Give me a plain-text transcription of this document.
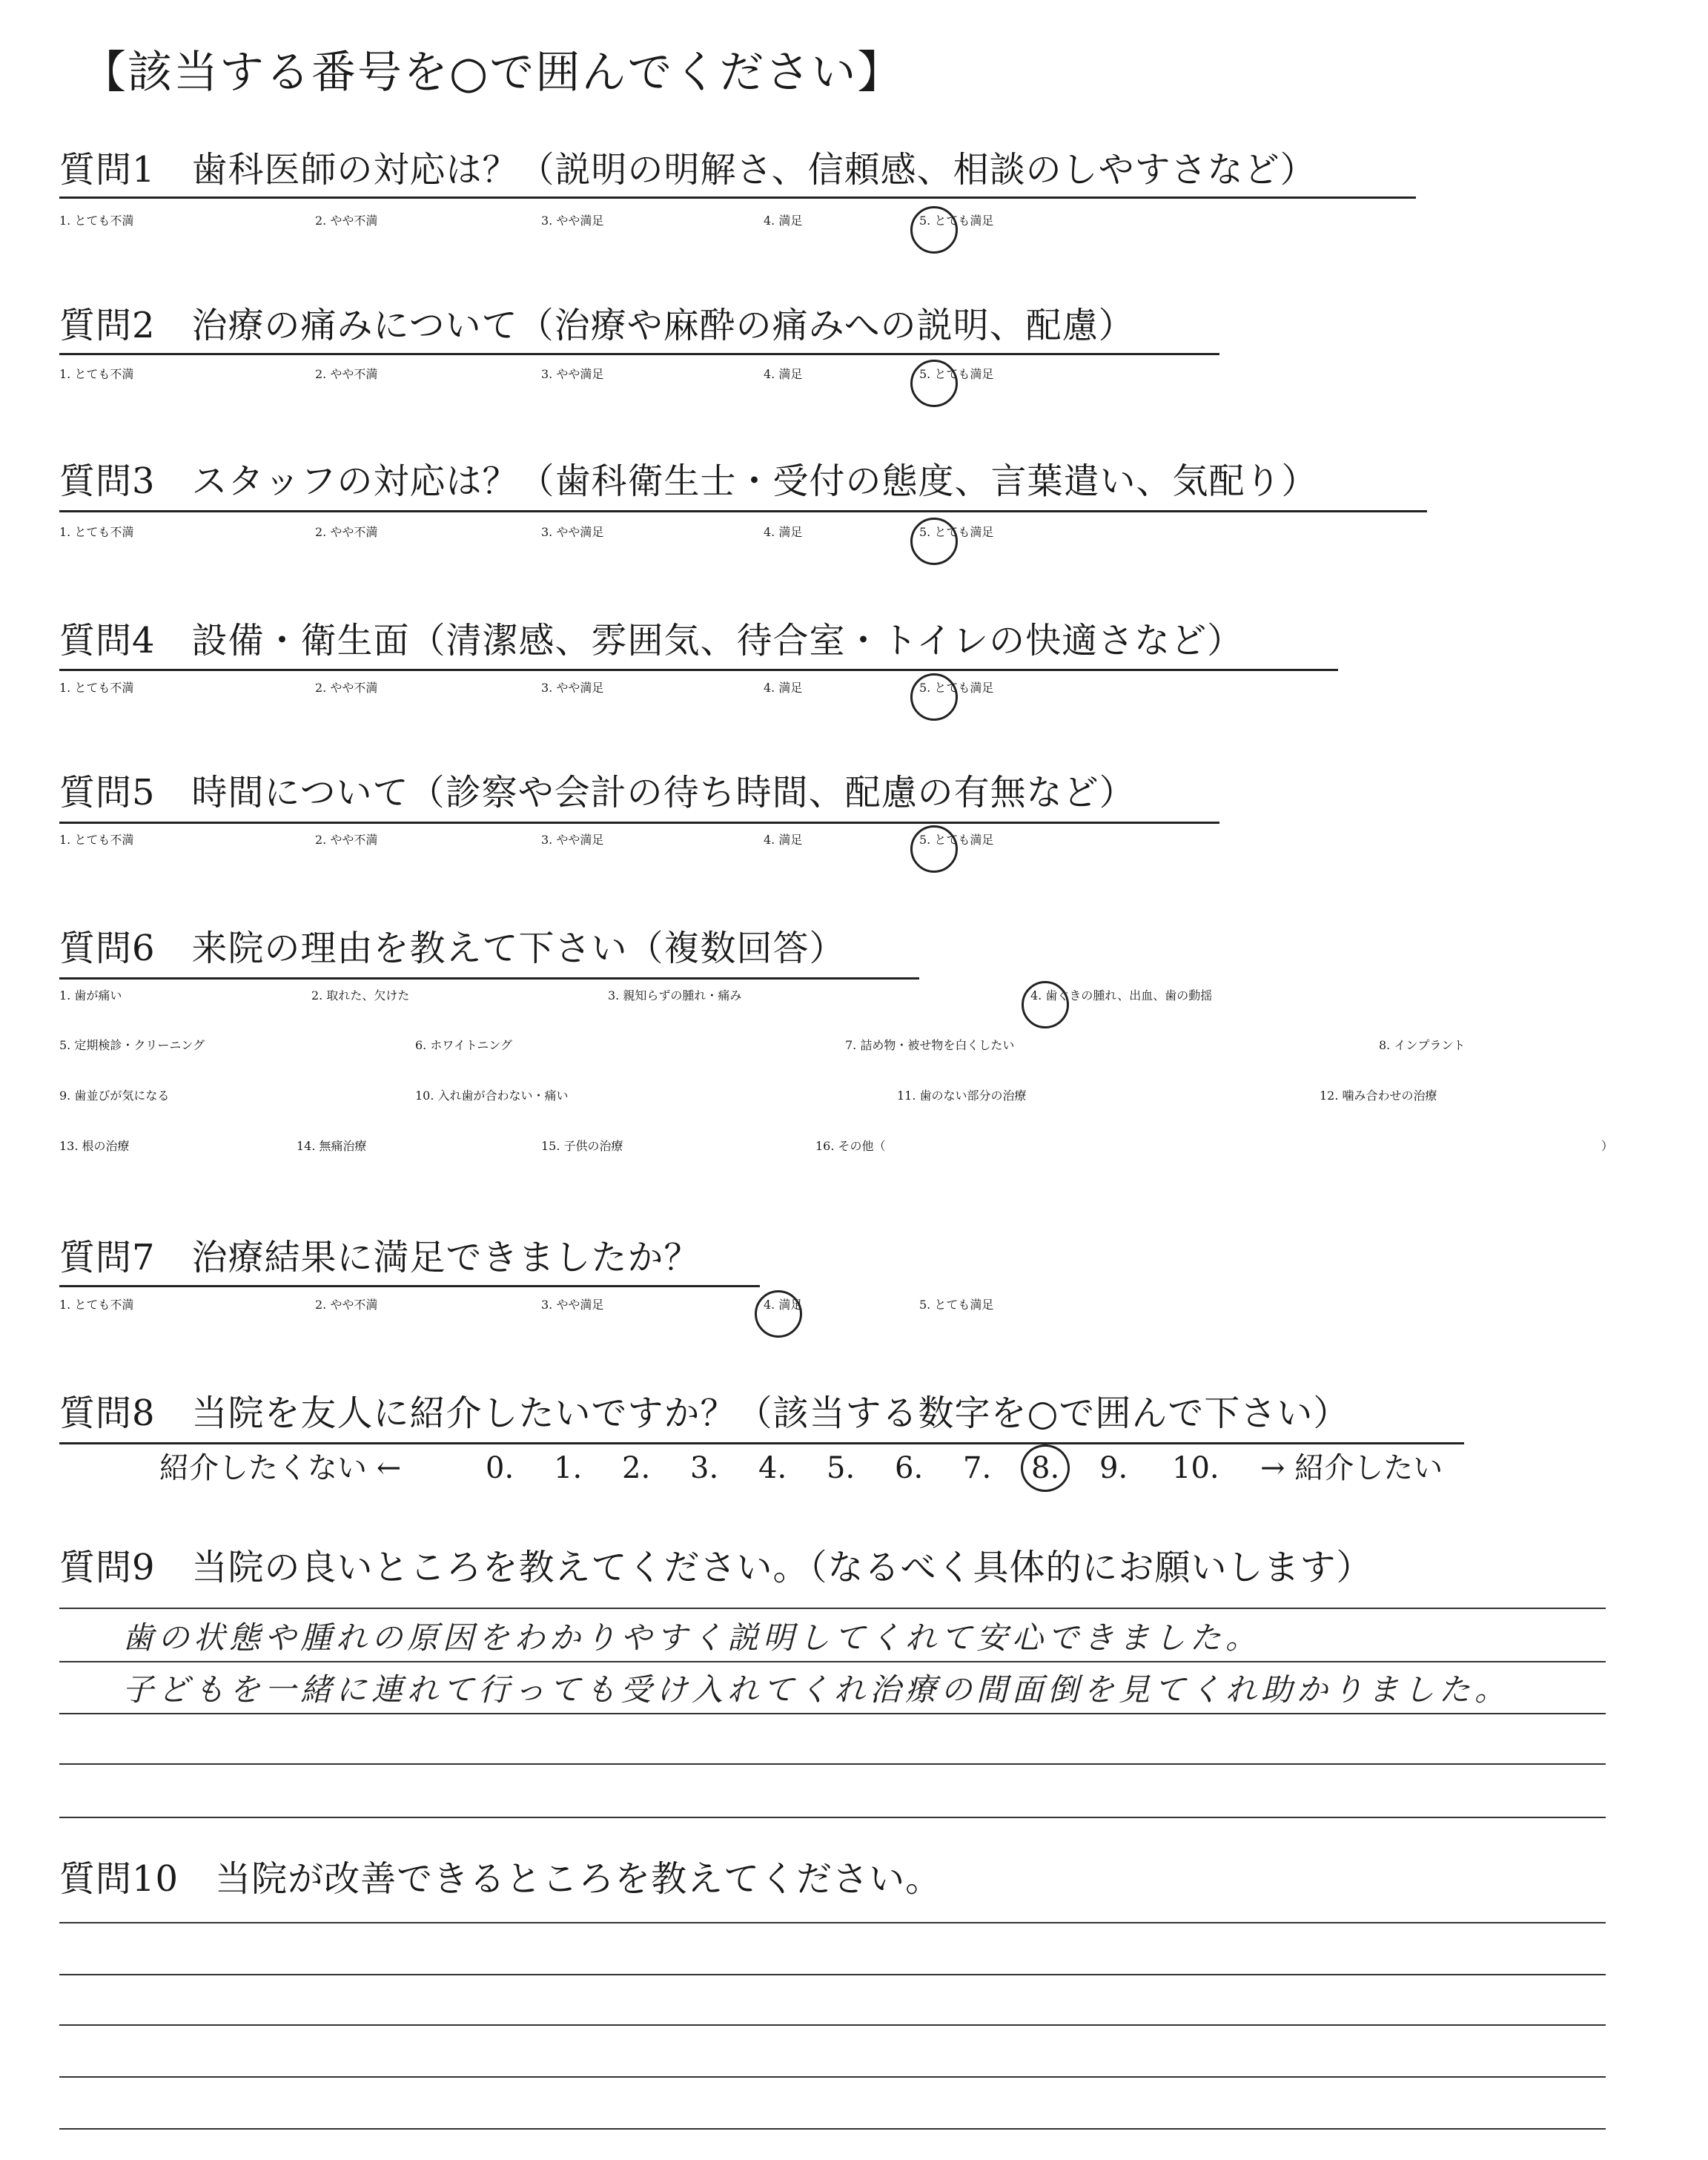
【該当する番号を○で囲んでください】
質問1　歯科医師の対応は？（説明の明解さ、信頼感、相談のしやすさなど）
質問2　治療の痛みについて（治療や麻酔の痛みへの説明、配慮）
質問3　スタッフの対応は？（歯科衛生士・受付の態度、言葉遣い、気配り）
質問4　設備・衛生面（清潔感、雰囲気、待合室・トイレの快適さなど）
質問5　時間について（診察や会計の待ち時間、配慮の有無など）
質問6　来院の理由を教えて下さい（複数回答）
質問7　治療結果に満足できましたか？
質問8　当院を友人に紹介したいですか？（該当する数字を○で囲んで下さい）
質問9　当院の良いところを教えてください。（なるべく具体的にお願いします）
歯の状態や腫れの原因をわかりやすく説明してくれて安心できました。
子どもを一緒に連れて行っても受け入れてくれ治療の間面倒を見てくれ助かりました。
質問10　当院が改善できるところを教えてください。
1. とても不満	2. やや不満	3. やや満足	4. 満足	5. とても満足
1. とても不満	2. やや不満	3. やや満足	4. 満足	5. とても満足
1. とても不満	2. やや不満	3. やや満足	4. 満足	5. とても満足
1. とても不満	2. やや不満	3. やや満足	4. 満足	5. とても満足
1. とても不満	2. やや不満	3. やや満足	4. 満足	5. とても満足
1. とても不満	2. やや不満	3. やや満足	4. 満足	5. とても満足
1. 歯が痛い	2. 取れた、欠けた	3. 親知らずの腫れ・痛み	4. 歯ぐきの腫れ、出血、歯の動揺
5. 定期検診・クリーニング	6. ホワイトニング	7. 詰め物・被せ物を白くしたい	8. インプラント
9. 歯並びが気になる	10. 入れ歯が合わない・痛い	11. 歯のない部分の治療	12. 噛み合わせの治療
13. 根の治療	14. 無痛治療	15. 子供の治療	16. その他（	）
紹介したくない ←	0. 1. 2. 3. 4. 5. 6. 7. 8. 9. 10. → 紹介したい
